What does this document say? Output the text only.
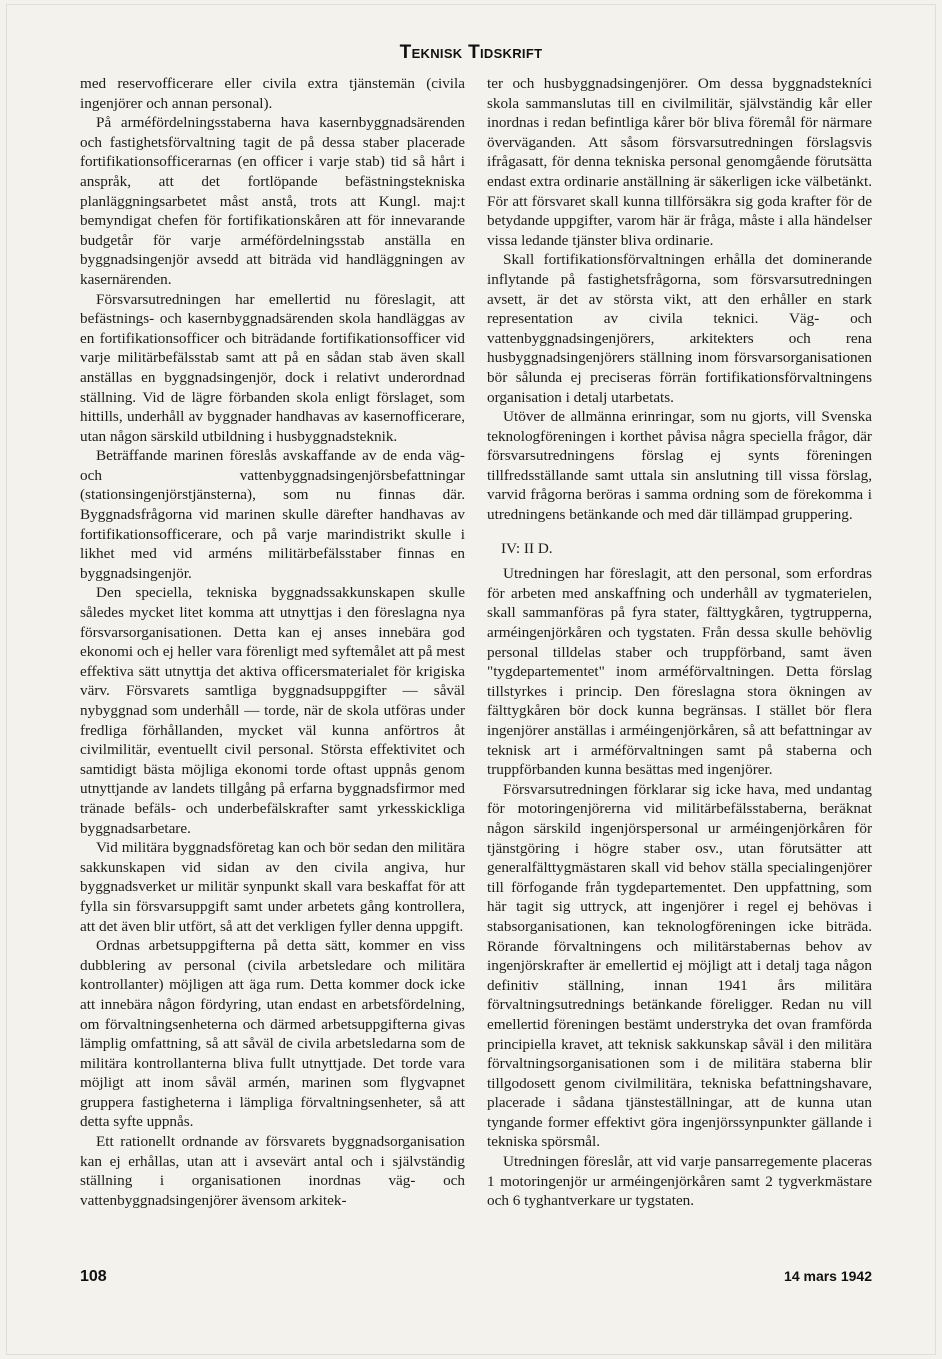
Teknisk Tidskrift

med reservofficerare eller civila extra tjänstemän (civila ingenjörer och annan personal).

På arméfördelningsstaberna hava kasernbyggnadsärenden och fastighetsförvaltning tagit de på dessa staber placerade fortifikationsofficerarnas (en officer i varje stab) tid så hårt i anspråk, att det fortlöpande befästningstekniska planläggningsarbetet måst anstå, trots att Kungl. maj:t bemyndigat chefen för fortifikationskåren att för innevarande budgetår för varje arméfördelningsstab anställa en byggnadsingenjör avsedd att biträda vid handläggningen av kasernärenden.

Försvarsutredningen har emellertid nu föreslagit, att befästnings- och kasernbyggnadsärenden skola handläggas av en fortifikationsofficer och biträdande fortifikationsofficer vid varje militärbefälsstab samt att på en sådan stab även skall anställas en byggnadsingenjör, dock i relativt underordnad ställning. Vid de lägre förbanden skola enligt förslaget, som hittills, underhåll av byggnader handhavas av kasernofficerare, utan någon särskild utbildning i husbyggnadsteknik.

Beträffande marinen föreslås avskaffande av de enda väg- och vattenbyggnadsingenjörsbefattningar (stationsingenjörstjänsterna), som nu finnas där. Byggnadsfrågorna vid marinen skulle därefter handhavas av fortifikationsofficerare, och på varje marindistrikt skulle i likhet med vid arméns militärbefälsstaber finnas en byggnadsingenjör.

Den speciella, tekniska byggnadssakkunskapen skulle således mycket litet komma att utnyttjas i den föreslagna nya försvarsorganisationen. Detta kan ej anses innebära god ekonomi och ej heller vara förenligt med syftemålet att på mest effektiva sätt utnyttja det aktiva officersmaterialet för krigiska värv. Försvarets samtliga byggnadsuppgifter — såväl nybyggnad som underhåll — torde, när de skola utföras under fredliga förhållanden, mycket väl kunna anförtros åt civilmilitär, eventuellt civil personal. Största effektivitet och samtidigt bästa möjliga ekonomi torde oftast uppnås genom utnyttjande av landets tillgång på erfarna byggnadsfirmor med tränade befäls- och underbefälskrafter samt yrkesskickliga byggnadsarbetare.

Vid militära byggnadsföretag kan och bör sedan den militära sakkunskapen vid sidan av den civila angiva, hur byggnadsverket ur militär synpunkt skall vara beskaffat för att fylla sin försvarsuppgift samt under arbetets gång kontrollera, att det även blir utfört, så att det verkligen fyller denna uppgift.

Ordnas arbetsuppgifterna på detta sätt, kommer en viss dubblering av personal (civila arbetsledare och militära kontrollanter) möjligen att äga rum. Detta kommer dock icke att innebära någon fördyring, utan endast en arbetsfördelning, om förvaltningsenheterna och därmed arbetsuppgifterna givas lämplig omfattning, så att såväl de civila arbetsledarna som de militära kontrollanterna bliva fullt utnyttjade. Det torde vara möjligt att inom såväl armén, marinen som flygvapnet gruppera fastigheterna i lämpliga förvaltningsenheter, så att detta syfte uppnås.

Ett rationellt ordnande av försvarets byggnadsorganisation kan ej erhållas, utan att i avsevärt antal och i självständig ställning i organisationen inordnas väg- och vattenbyggnadsingenjörer ävensom arkitek-

ter och husbyggnadsingenjörer. Om dessa byggnadstekníci skola sammanslutas till en civilmilitär, självständig kår eller inordnas i redan befintliga kårer bör bliva föremål för närmare överväganden. Att såsom försvarsutredningen förslagsvis ifrågasatt, för denna tekniska personal genomgående förutsätta endast extra ordinarie anställning är säkerligen icke välbetänkt. För att försvaret skall kunna tillförsäkra sig goda krafter för de betydande uppgifter, varom här är fråga, måste i alla händelser vissa ledande tjänster bliva ordinarie.

Skall fortifikationsförvaltningen erhålla det dominerande inflytande på fastighetsfrågorna, som försvarsutredningen avsett, är det av största vikt, att den erhåller en stark representation av civila teknici. Väg- och vattenbyggnadsingenjörers, arkitekters och rena husbyggnadsingenjörers ställning inom försvarsorganisationen bör sålunda ej preciseras förrän fortifikationsförvaltningens organisation i detalj utarbetats.

Utöver de allmänna erinringar, som nu gjorts, vill Svenska teknologföreningen i korthet påvisa några speciella frågor, där försvarsutredningens förslag ej synts föreningen tillfredsställande samt uttala sin anslutning till vissa förslag, varvid frågorna beröras i samma ordning som de förekomma i utredningens betänkande och med där tillämpad gruppering.

IV: II D.

Utredningen har föreslagit, att den personal, som erfordras för arbeten med anskaffning och underhåll av tygmaterielen, skall sammanföras på fyra stater, fälttygkåren, tygtrupperna, arméingenjörkåren och tygstaten. Från dessa skulle behövlig personal tilldelas staber och truppförband, samt även "tygdepartementet" inom arméförvaltningen. Detta förslag tillstyrkes i princip. Den föreslagna stora ökningen av fälttygkåren bör dock kunna begränsas. I stället bör flera ingenjörer anställas i arméingenjörkåren, så att befattningar av teknisk art i arméförvaltningen samt på staberna och truppförbanden kunna besättas med ingenjörer.

Försvarsutredningen förklarar sig icke hava, med undantag för motoringenjörerna vid militärbefälsstaberna, beräknat någon särskild ingenjörspersonal ur arméingenjörkåren för tjänstgöring i högre staber osv., utan förutsätter att generalfälttygmästaren skall vid behov ställa specialingenjörer till förfogande från tygdepartementet. Den uppfattning, som här tagit sig uttryck, att ingenjörer i regel ej behövas i stabsorganisationen, kan teknologföreningen icke biträda. Rörande förvaltningens och militärstabernas behov av ingenjörskrafter är emellertid ej möjligt att i detalj taga någon definitiv ställning, innan 1941 års militära förvaltningsutrednings betänkande föreligger. Redan nu vill emellertid föreningen bestämt understryka det ovan framförda principiella kravet, att teknisk sakkunskap såväl i den militära förvaltningsorganisationen som i de militära staberna blir tillgodosett genom civilmilitära, tekniska befattningshavare, placerade i sådana tjänsteställningar, att de kunna utan tyngande former effektivt göra ingenjörssynpunkter gällande i tekniska spörsmål.

Utredningen föreslår, att vid varje pansarregemente placeras 1 motoringenjör ur arméingenjörkåren samt 2 tygverkmästare och 6 tyghantverkare ur tygstaten.

108	14 mars 1942
